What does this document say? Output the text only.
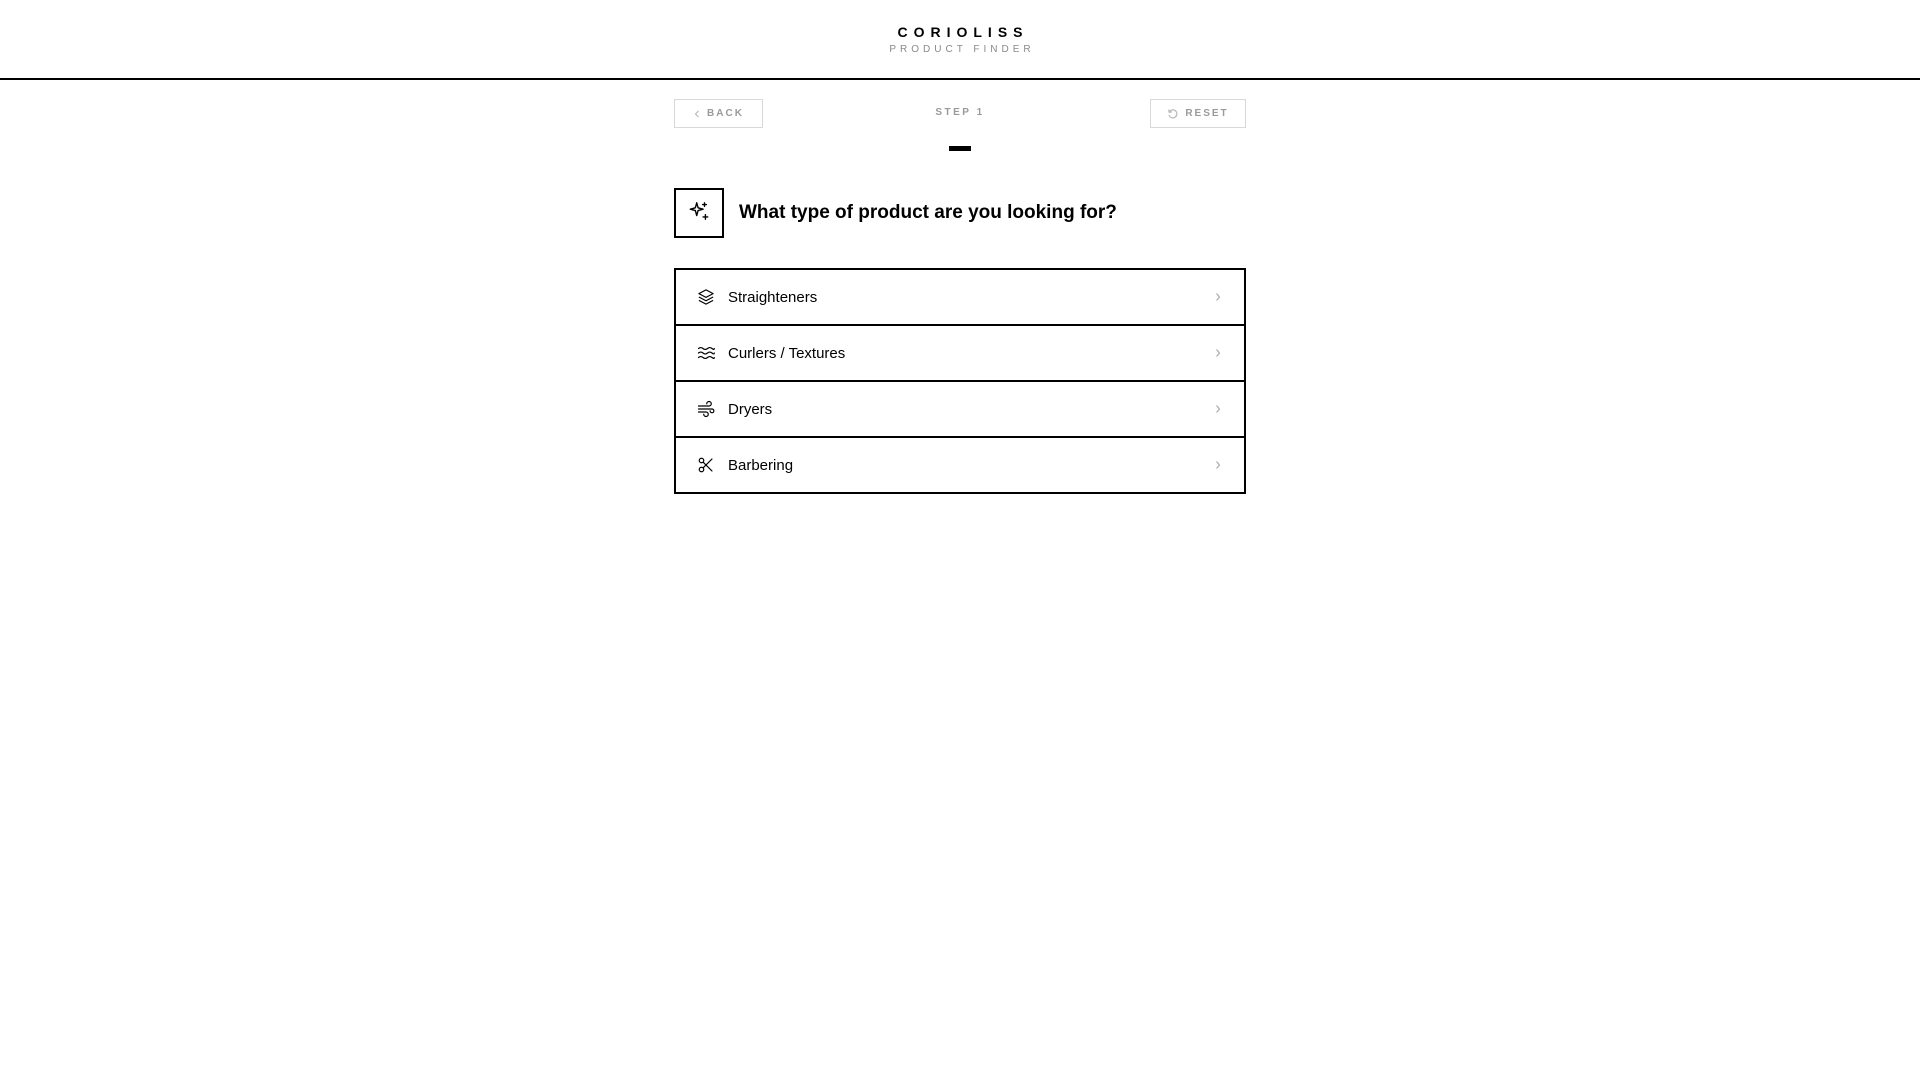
CORIOLISS
PRODUCT FINDER
BACK	STEP 1	RESET
What type of product are you looking for?
Straighteners
Curlers / Textures
Dryers
Barbering
